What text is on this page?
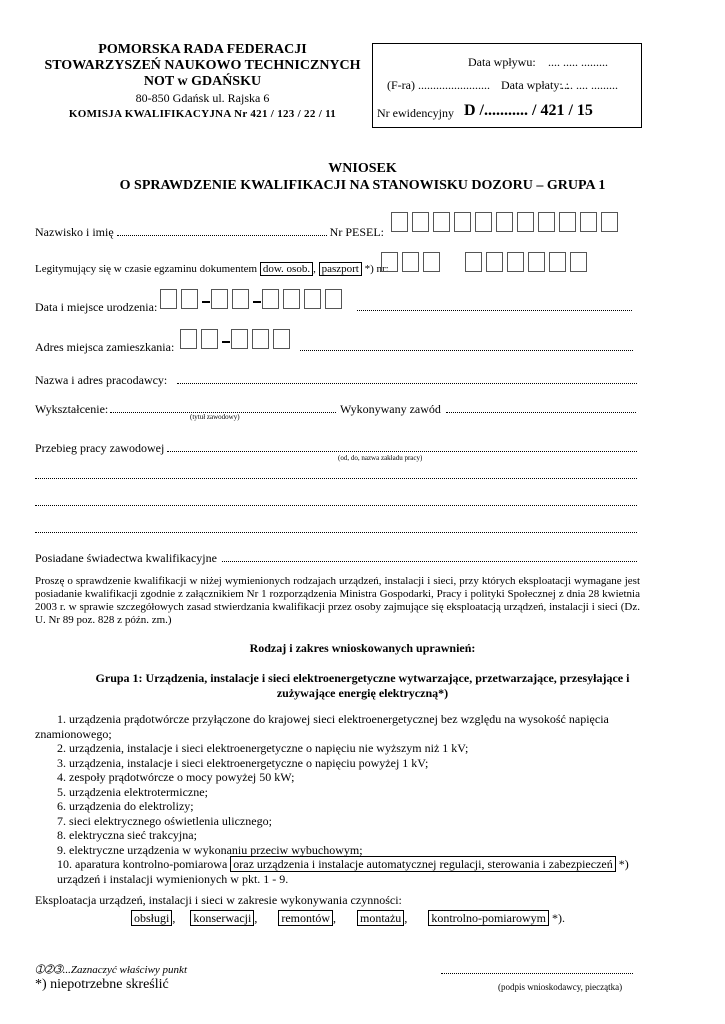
POMORSKA RADA FEDERACJI
STOWARZYSZEŃ NAUKOWO TECHNICZNYCH
NOT w GDAŃSKU
80-850 Gdańsk ul. Rajska 6
KOMISJA KWALIFIKACYJNA Nr 421 / 123 / 22 / 11
Data wpływu: .... ..... .........
(F-ra) ........................ Data wpłaty: :
.... .... .........
Nr ewidencyjny D /........... / 421 / 15
WNIOSEK
O SPRAWDZENIE KWALIFIKACJI NA STANOWISKU DOZORU – GRUPA 1
Nazwisko i imię	Nr PESEL:
Legitymujący się w czasie egzaminu dokumentem dow. osob. , paszport *) nr:
Data i miejsce urodzenia:
Adres miejsca zamieszkania:
Nazwa i adres pracodawcy:
Wykształcenie:	Wykonywany zawód
(tytuł zawodowy)
Przebieg pracy zawodowej
(od, do, nazwa zakładu pracy)
Posiadane świadectwa kwalifikacyjne
Proszę o sprawdzenie kwalifikacji w niżej wymienionych rodzajach urządzeń, instalacji i sieci, przy których eksploatacji wymagane jest posiadanie kwalifikacji zgodnie z załącznikiem Nr 1 rozporządzenia Ministra Gospodarki, Pracy i polityki Społecznej z dnia 28 kwietnia 2003 r. w sprawie szczegółowych zasad stwierdzania kwalifikacji przez osoby zajmujące się eksploatacją urządzeń, instalacji i sieci (Dz. U. Nr 89 poz. 828 z późn. zm.)
Rodzaj i zakres wnioskowanych uprawnień:
Grupa 1: Urządzenia, instalacje i sieci elektroenergetyczne wytwarzające, przetwarzające, przesyłające i
zużywające energię elektryczną*)
1. urządzenia prądotwórcze przyłączone do krajowej sieci elektroenergetycznej bez względu na wysokość napięcia
znamionowego;
2. urządzenia, instalacje i sieci elektroenergetyczne o napięciu nie wyższym niż 1 kV;
3. urządzenia, instalacje i sieci elektroenergetyczne o napięciu powyżej 1 kV;
4. zespoły prądotwórcze o mocy powyżej 50 kW;
5. urządzenia elektrotermiczne;
6. urządzenia do elektrolizy;
7. sieci elektrycznego oświetlenia ulicznego;
8. elektryczna sieć trakcyjna;
9. elektryczne urządzenia w wykonaniu przeciw wybuchowym;
10. aparatura kontrolno-pomiarowa oraz urządzenia i instalacje automatycznej regulacji, sterowania i zabezpieczeń *)
urządzeń i instalacji wymienionych w pkt. 1 - 9.
Eksploatacja urządzeń, instalacji i sieci w zakresie wykonywania czynności:
obsługi ,     konserwacji ,       remontów ,       montażu ,       kontrolno-pomiarowym *).
➀➁➂...Zaznaczyć właściwy punkt
*) niepotrzebne skreślić	(podpis wnioskodawcy, pieczątka)
